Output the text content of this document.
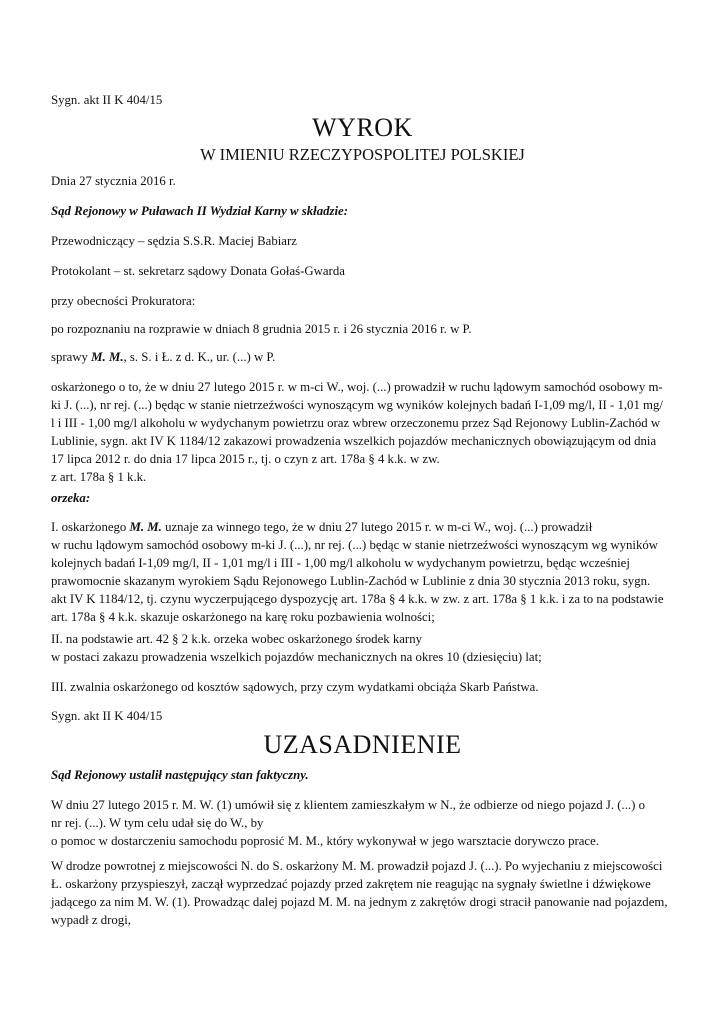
Sygn. akt II K 404/15

WYROK
W IMIENIU RZECZYPOSPOLITEJ POLSKIEJ

Dnia 27 stycznia 2016 r.

Sąd Rejonowy w Puławach II Wydział Karny w składzie:

Przewodniczący – sędzia S.S.R. Maciej Babiarz

Protokolant – st. sekretarz sądowy Donata Gołaś-Gwarda

przy obecności Prokuratora:

po rozpoznaniu na rozprawie w dniach 8 grudnia 2015 r. i 26 stycznia 2016 r. w P.

sprawy M. M., s. S. i Ł. z d. K., ur. (...) w P.

oskarżonego o to, że w dniu 27 lutego 2015 r. w m-ci W., woj. (...) prowadził w ruchu lądowym samochód osobowy m-
ki J. (...), nr rej. (...) będąc w stanie nietrzeźwości wynoszącym wg wyników kolejnych badań I-1,09 mg/l, II - 1,01 mg/
l i III - 1,00 mg/l alkoholu w wydychanym powietrzu oraz wbrew orzeczonemu przez Sąd Rejonowy Lublin-Zachód w
Lublinie, sygn. akt IV K 1184/12 zakazowi prowadzenia wszelkich pojazdów mechanicznych obowiązującym od dnia
17 lipca 2012 r. do dnia 17 lipca 2015 r., tj. o czyn z art. 178a § 4 k.k. w zw.
z art. 178a § 1 k.k.

orzeka:

I. oskarżonego M. M. uznaje za winnego tego, że w dniu 27 lutego 2015 r. w m-ci W., woj. (...) prowadził
w ruchu lądowym samochód osobowy m-ki J. (...), nr rej. (...) będąc w stanie nietrzeźwości wynoszącym wg wyników
kolejnych badań I-1,09 mg/l, II - 1,01 mg/l i III - 1,00 mg/l alkoholu w wydychanym powietrzu, będąc wcześniej
prawomocnie skazanym wyrokiem Sądu Rejonowego Lublin-Zachód w Lublinie z dnia 30 stycznia 2013 roku, sygn.
akt IV K 1184/12, tj. czynu wyczerpującego dyspozycję art. 178a § 4 k.k. w zw. z art. 178a § 1 k.k. i za to na podstawie
art. 178a § 4 k.k. skazuje oskarżonego na karę roku pozbawienia wolności;
II. na podstawie art. 42 § 2 k.k. orzeka wobec oskarżonego środek karny
w postaci zakazu prowadzenia wszelkich pojazdów mechanicznych na okres 10 (dziesięciu) lat;

III. zwalnia oskarżonego od kosztów sądowych, przy czym wydatkami obciąża Skarb Państwa.

Sygn. akt II K 404/15

UZASADNIENIE

Sąd Rejonowy ustalił następujący stan faktyczny.

W dniu 27 lutego 2015 r. M. W. (1) umówił się z klientem zamieszkałym w N., że odbierze od niego pojazd J. (...) o
nr rej. (...). W tym celu udał się do W., by
o pomoc w dostarczeniu samochodu poprosić M. M., który wykonywał w jego warsztacie dorywczo prace.
W drodze powrotnej z miejscowości N. do S. oskarżony M. M. prowadził pojazd J. (...). Po wyjechaniu z miejscowości
Ł. oskarżony przyspieszył, zaczął wyprzedzać pojazdy przed zakrętem nie reagując na sygnały świetlne i dźwiękowe
jadącego za nim M. W. (1). Prowadząc dalej pojazd M. M. na jednym z zakrętów drogi stracił panowanie nad pojazdem,
wypadł z drogi,
